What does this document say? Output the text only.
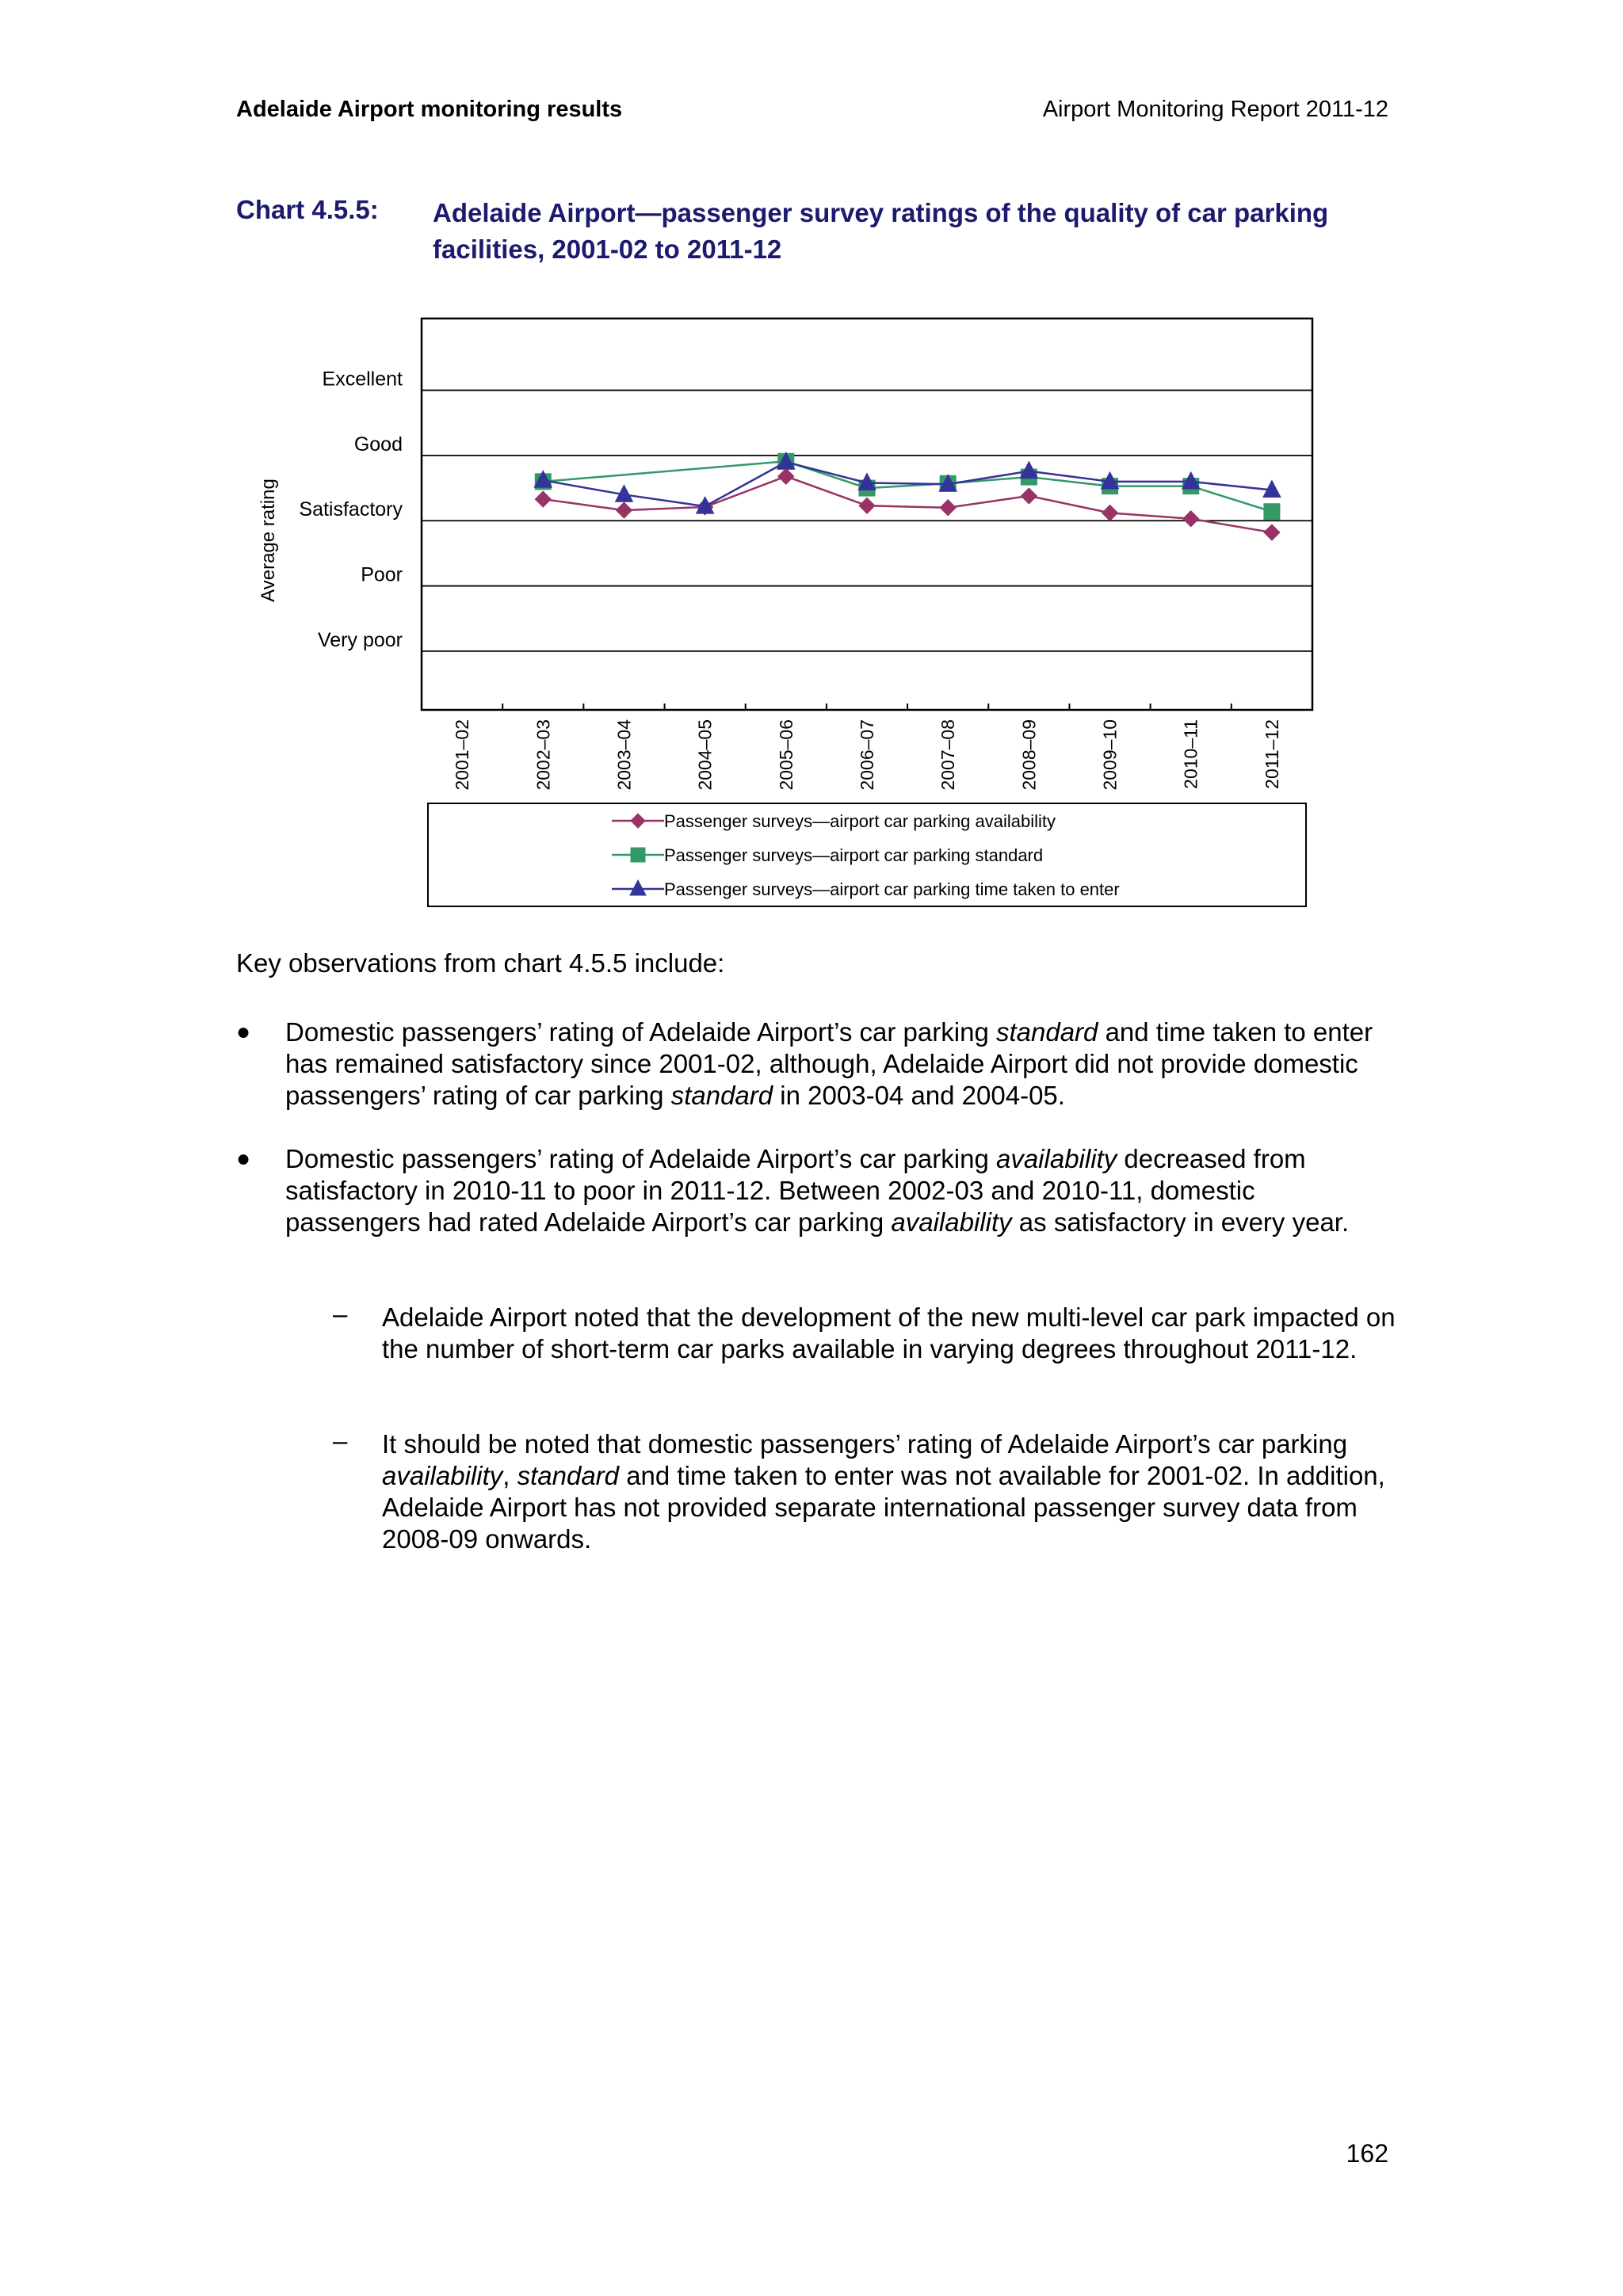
Adelaide Airport monitoring results	Airport Monitoring Report 2011-12
Chart 4.5.5: Adelaide Airport—passenger survey ratings of the quality of car parking facilities, 2001-02 to 2011-12
Excellent
Good
Satisfactory
Poor
Very poor
Average rating
2001–02	2002–03	2003–04	2004–05	2005–06	2006–07	2007–08	2008–09	2009–10	2010–11	2011–12
Passenger surveys—airport car parking availability
Passenger surveys—airport car parking standard
Passenger surveys—airport car parking time taken to enter
Key observations from chart 4.5.5 include:
● Domestic passengers’ rating of Adelaide Airport’s car parking standard and time taken to enter has remained satisfactory since 2001-02, although, Adelaide Airport did not provide domestic passengers’ rating of car parking standard in 2003-04 and 2004-05.
● Domestic passengers’ rating of Adelaide Airport’s car parking availability decreased from satisfactory in 2010-11 to poor in 2011-12. Between 2002-03 and 2010-11, domestic passengers had rated Adelaide Airport’s car parking availability as satisfactory in every year.
– Adelaide Airport noted that the development of the new multi-level car park impacted on the number of short-term car parks available in varying degrees throughout 2011-12.
– It should be noted that domestic passengers’ rating of Adelaide Airport’s car parking availability, standard and time taken to enter was not available for 2001-02. In addition, Adelaide Airport has not provided separate international passenger survey data from 2008-09 onwards.
162
